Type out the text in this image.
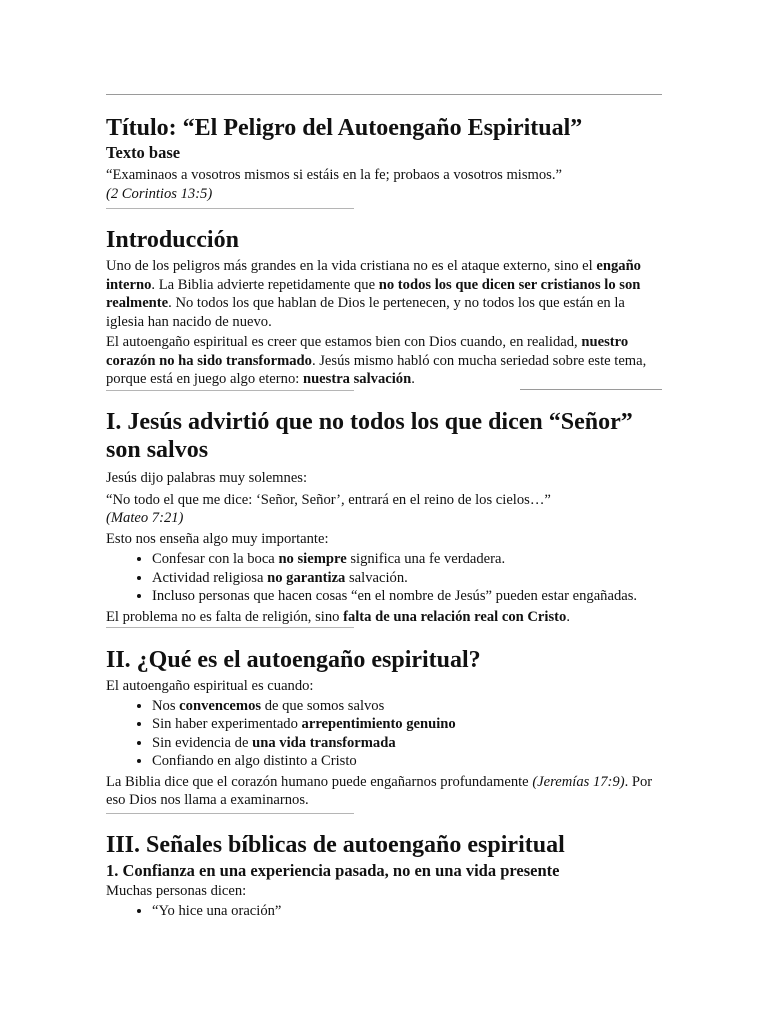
Título: “El Peligro del Autoengaño Espiritual”
Texto base

“Examinaos a vosotros mismos si estáis en la fe; probaos a vosotros mismos.”

(2 Corintios 13:5)

Introducción

Uno de los peligros más grandes en la vida cristiana no es el ataque externo, sino el engaño interno. La Biblia advierte repetidamente que no todos los que dicen ser cristianos lo son realmente. No todos los que hablan de Dios le pertenecen, y no todos los que están en la iglesia han nacido de nuevo.

El autoengaño espiritual es creer que estamos bien con Dios cuando, en realidad, nuestro corazón no ha sido transformado. Jesús mismo habló con mucha seriedad sobre este tema, porque está en juego algo eterno: nuestra salvación.

I. Jesús advirtió que no todos los que dicen “Señor” son salvos

Jesús dijo palabras muy solemnes:

“No todo el que me dice: ‘Señor, Señor’, entrará en el reino de los cielos…”

(Mateo 7:21)

Esto nos enseña algo muy importante:

• Confesar con la boca no siempre significa una fe verdadera.
• Actividad religiosa no garantiza salvación.
• Incluso personas que hacen cosas “en el nombre de Jesús” pueden estar engañadas.

El problema no es falta de religión, sino falta de una relación real con Cristo.

II. ¿Qué es el autoengaño espiritual?

El autoengaño espiritual es cuando:

• Nos convencemos de que somos salvos
• Sin haber experimentado arrepentimiento genuino
• Sin evidencia de una vida transformada
• Confiando en algo distinto a Cristo

La Biblia dice que el corazón humano puede engañarnos profundamente (Jeremías 17:9). Por eso Dios nos llama a examinarnos.

III. Señales bíblicas de autoengaño espiritual
1. Confianza en una experiencia pasada, no en una vida presente

Muchas personas dicen:

• “Yo hice una oración”
